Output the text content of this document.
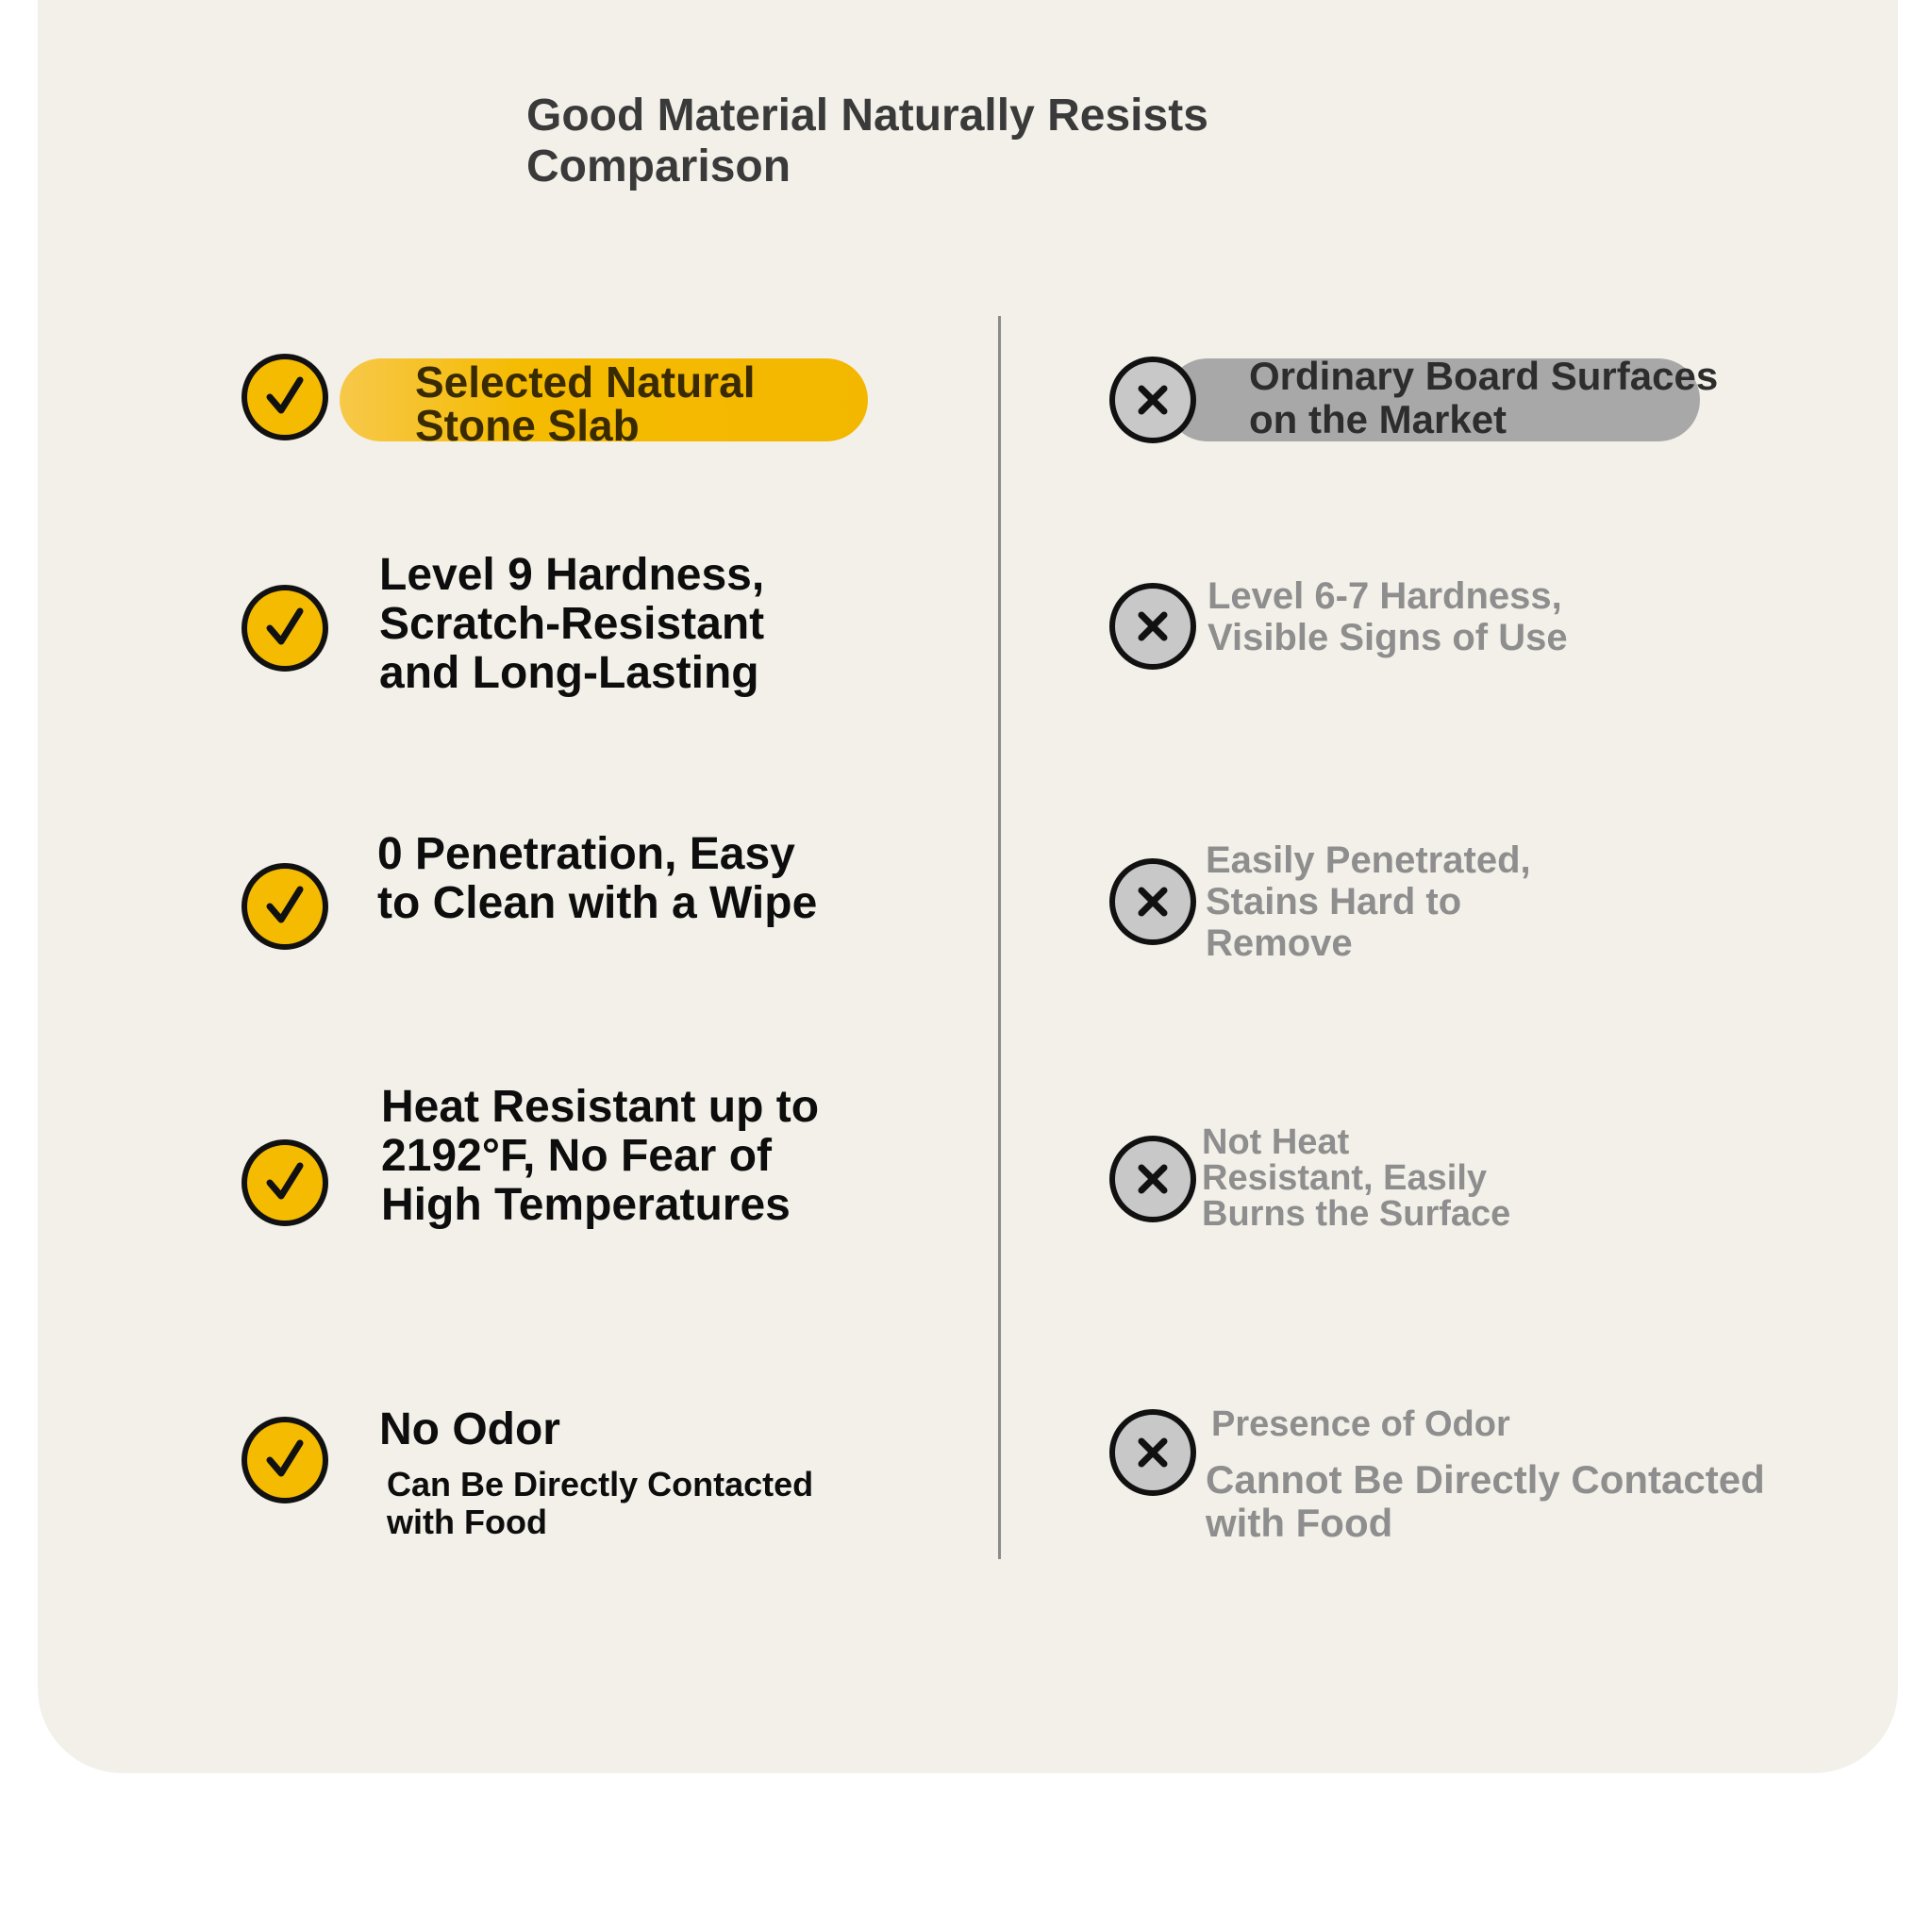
Good Material Naturally Resists Comparison
Selected Natural Stone Slab
Ordinary Board Surfaces on the Market
Level 9 Hardness, Scratch-Resistant and Long-Lasting
0 Penetration, Easy to Clean with a Wipe
Heat Resistant up to 2192°F, No Fear of High Temperatures
No Odor
Can Be Directly Contacted with Food
Level 6-7 Hardness, Visible Signs of Use
Easily Penetrated, Stains Hard to Remove
Not Heat Resistant, Easily Burns the Surface
Presence of Odor
Cannot Be Directly Contacted with Food
